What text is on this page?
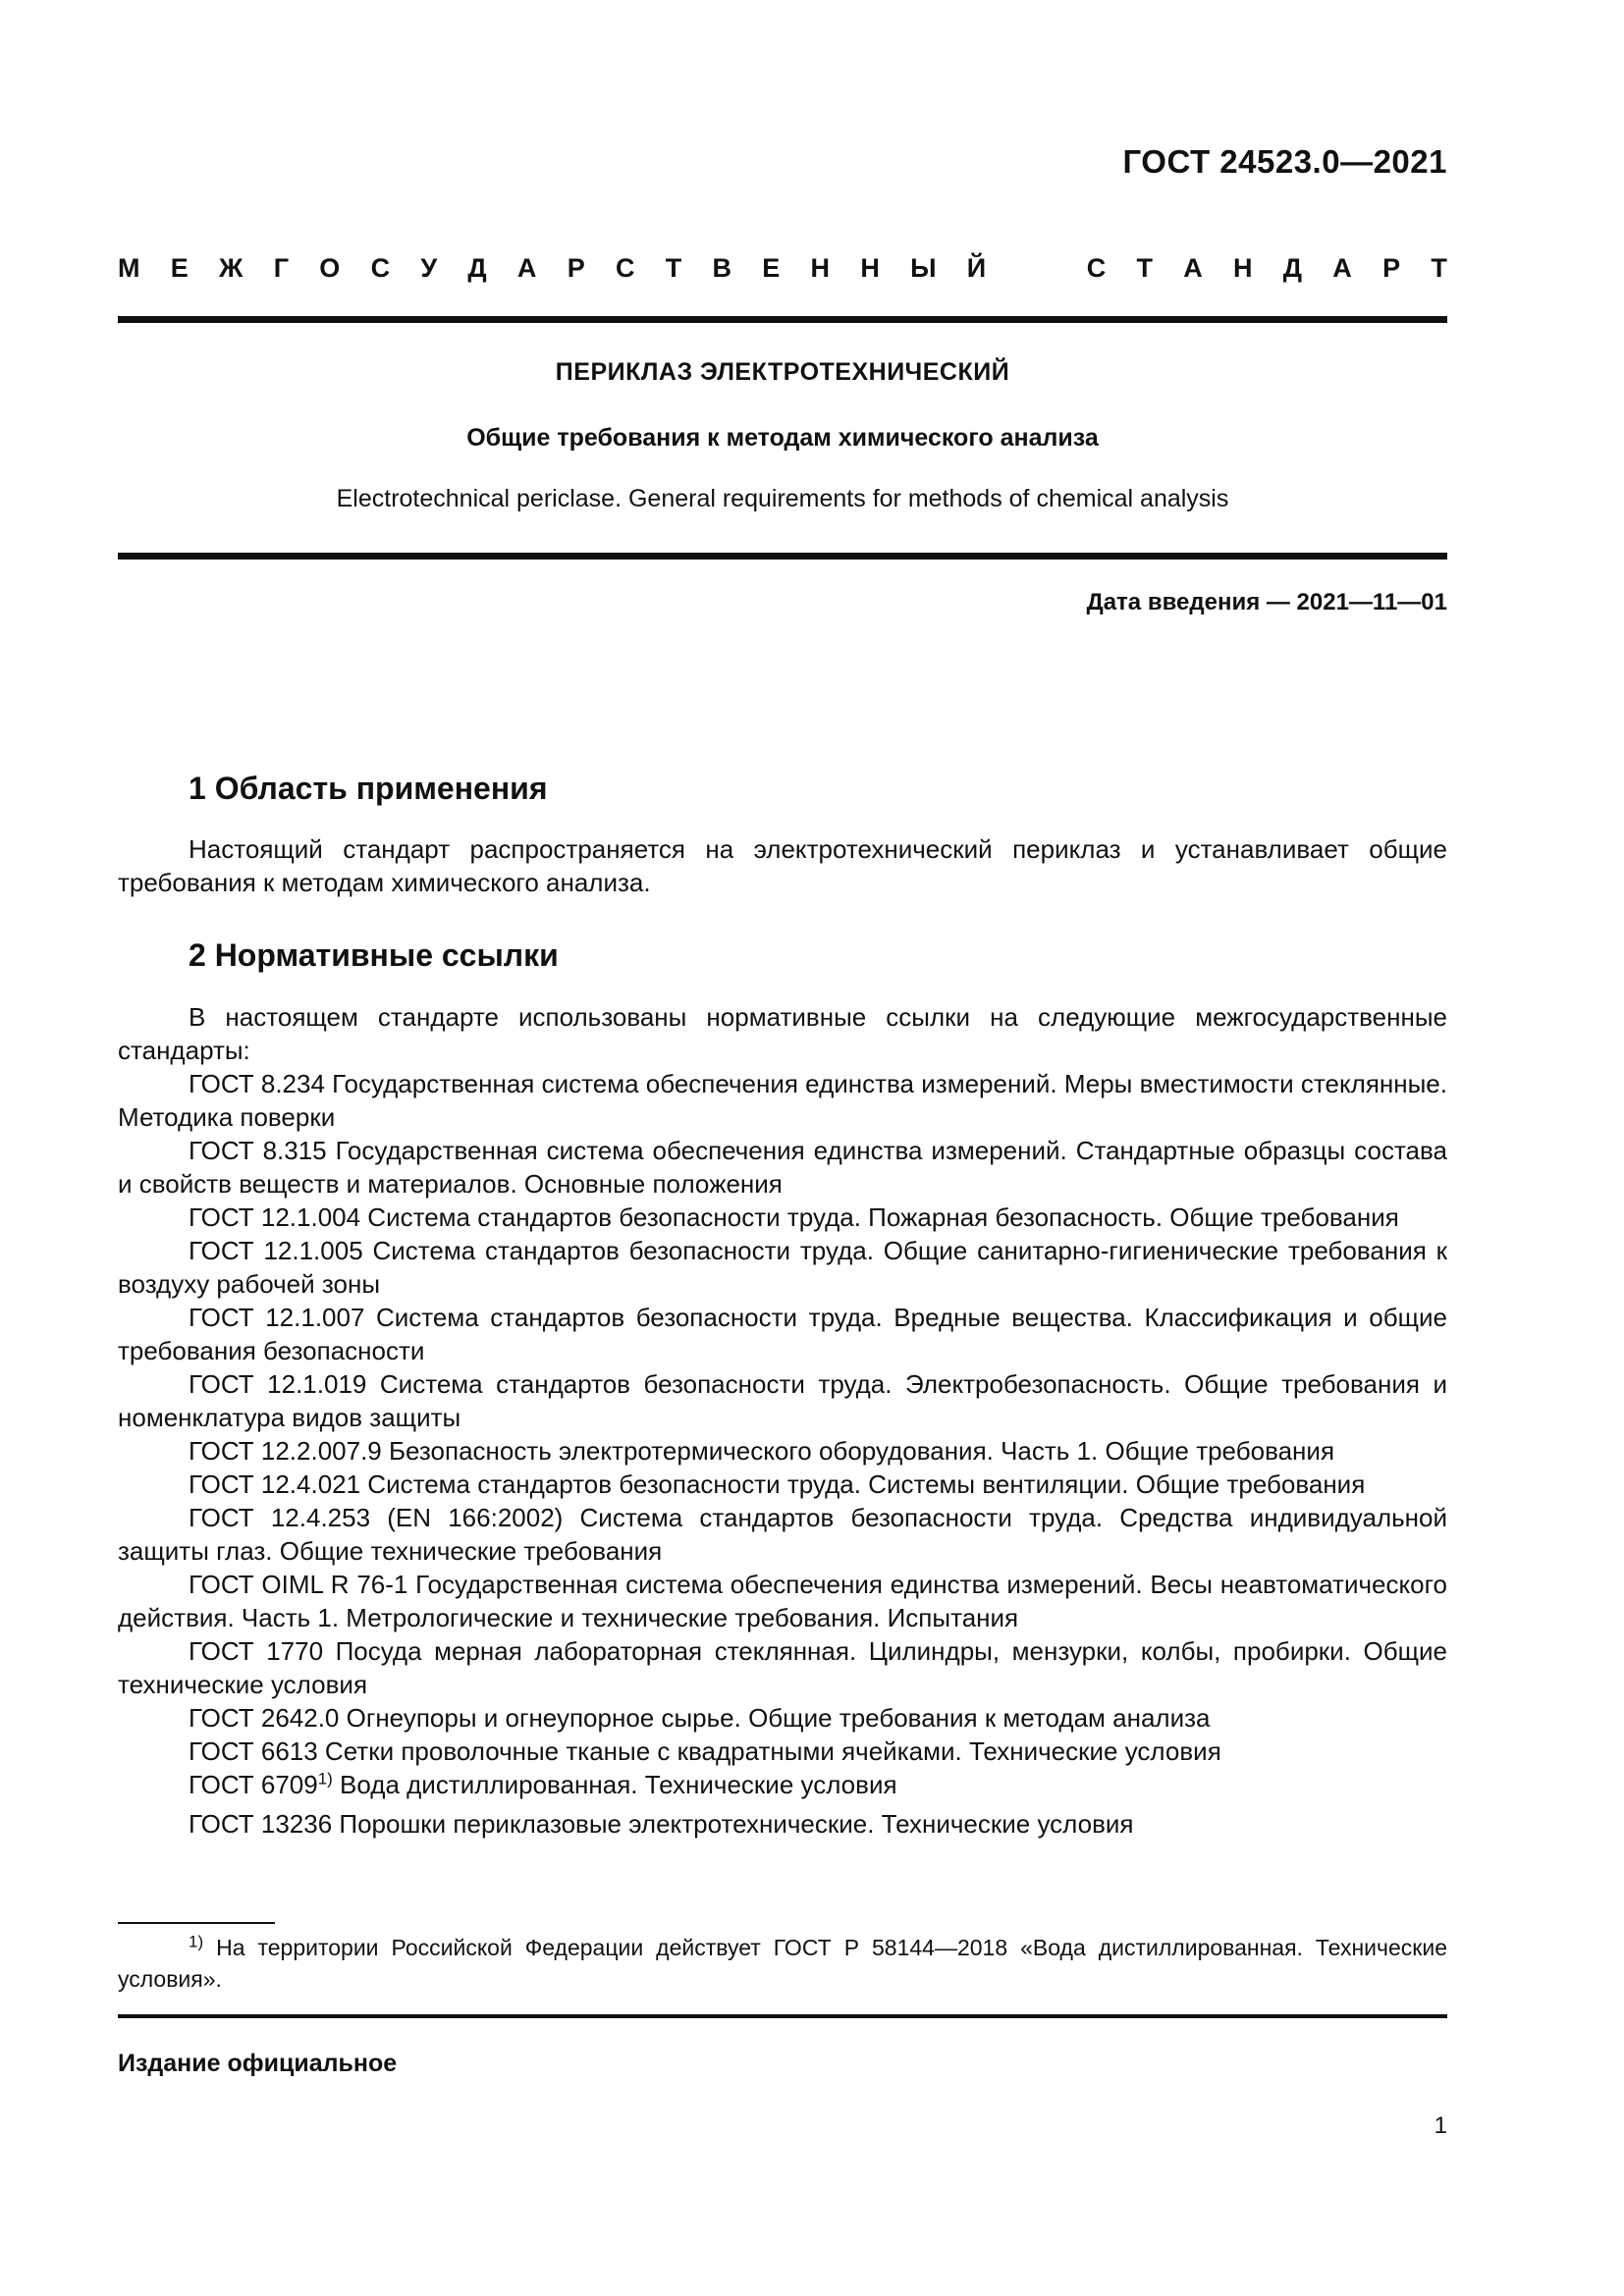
ГОСТ 24523.0—2021
М Е Ж Г О С У Д А Р С Т В Е Н Н Ы Й	С Т А Н Д А Р Т
ПЕРИКЛАЗ ЭЛЕКТРОТЕХНИЧЕСКИЙ
Общие требования к методам химического анализа
Electrotechnical periclase. General requirements for methods of chemical analysis
Дата введения — 2021—11—01
1 Область применения

Настоящий стандарт распространяется на электротехнический периклаз и устанавливает общие требования к методам химического анализа.

2 Нормативные ссылки

В настоящем стандарте использованы нормативные ссылки на следующие межгосударственные стандарты:

ГОСТ 8.234 Государственная система обеспечения единства измерений. Меры вместимости стеклянные. Методика поверки

ГОСТ 8.315 Государственная система обеспечения единства измерений. Стандартные образцы состава и свойств веществ и материалов. Основные положения

ГОСТ 12.1.004 Система стандартов безопасности труда. Пожарная безопасность. Общие требования

ГОСТ 12.1.005 Система стандартов безопасности труда. Общие санитарно-гигиенические требования к воздуху рабочей зоны

ГОСТ 12.1.007 Система стандартов безопасности труда. Вредные вещества. Классификация и общие требования безопасности

ГОСТ 12.1.019 Система стандартов безопасности труда. Электробезопасность. Общие требования и номенклатура видов защиты

ГОСТ 12.2.007.9 Безопасность электротермического оборудования. Часть 1. Общие требования

ГОСТ 12.4.021 Система стандартов безопасности труда. Системы вентиляции. Общие требования

ГОСТ 12.4.253 (EN 166:2002) Система стандартов безопасности труда. Средства индивидуальной защиты глаз. Общие технические требования

ГОСТ OIML R 76-1 Государственная система обеспечения единства измерений. Весы неавтоматического действия. Часть 1. Метрологические и технические требования. Испытания

ГОСТ 1770 Посуда мерная лабораторная стеклянная. Цилиндры, мензурки, колбы, пробирки. Общие технические условия

ГОСТ 2642.0 Огнеупоры и огнеупорное сырье. Общие требования к методам анализа

ГОСТ 6613 Сетки проволочные тканые с квадратными ячейками. Технические условия

ГОСТ 6709$^{1)}$ Вода дистиллированная. Технические условия

ГОСТ 13236 Порошки периклазовые электротехнические. Технические условия

$^{1)}$ На территории Российской Федерации действует ГОСТ Р 58144—2018 «Вода дистиллированная. Технические условия».

Издание официальное
1
